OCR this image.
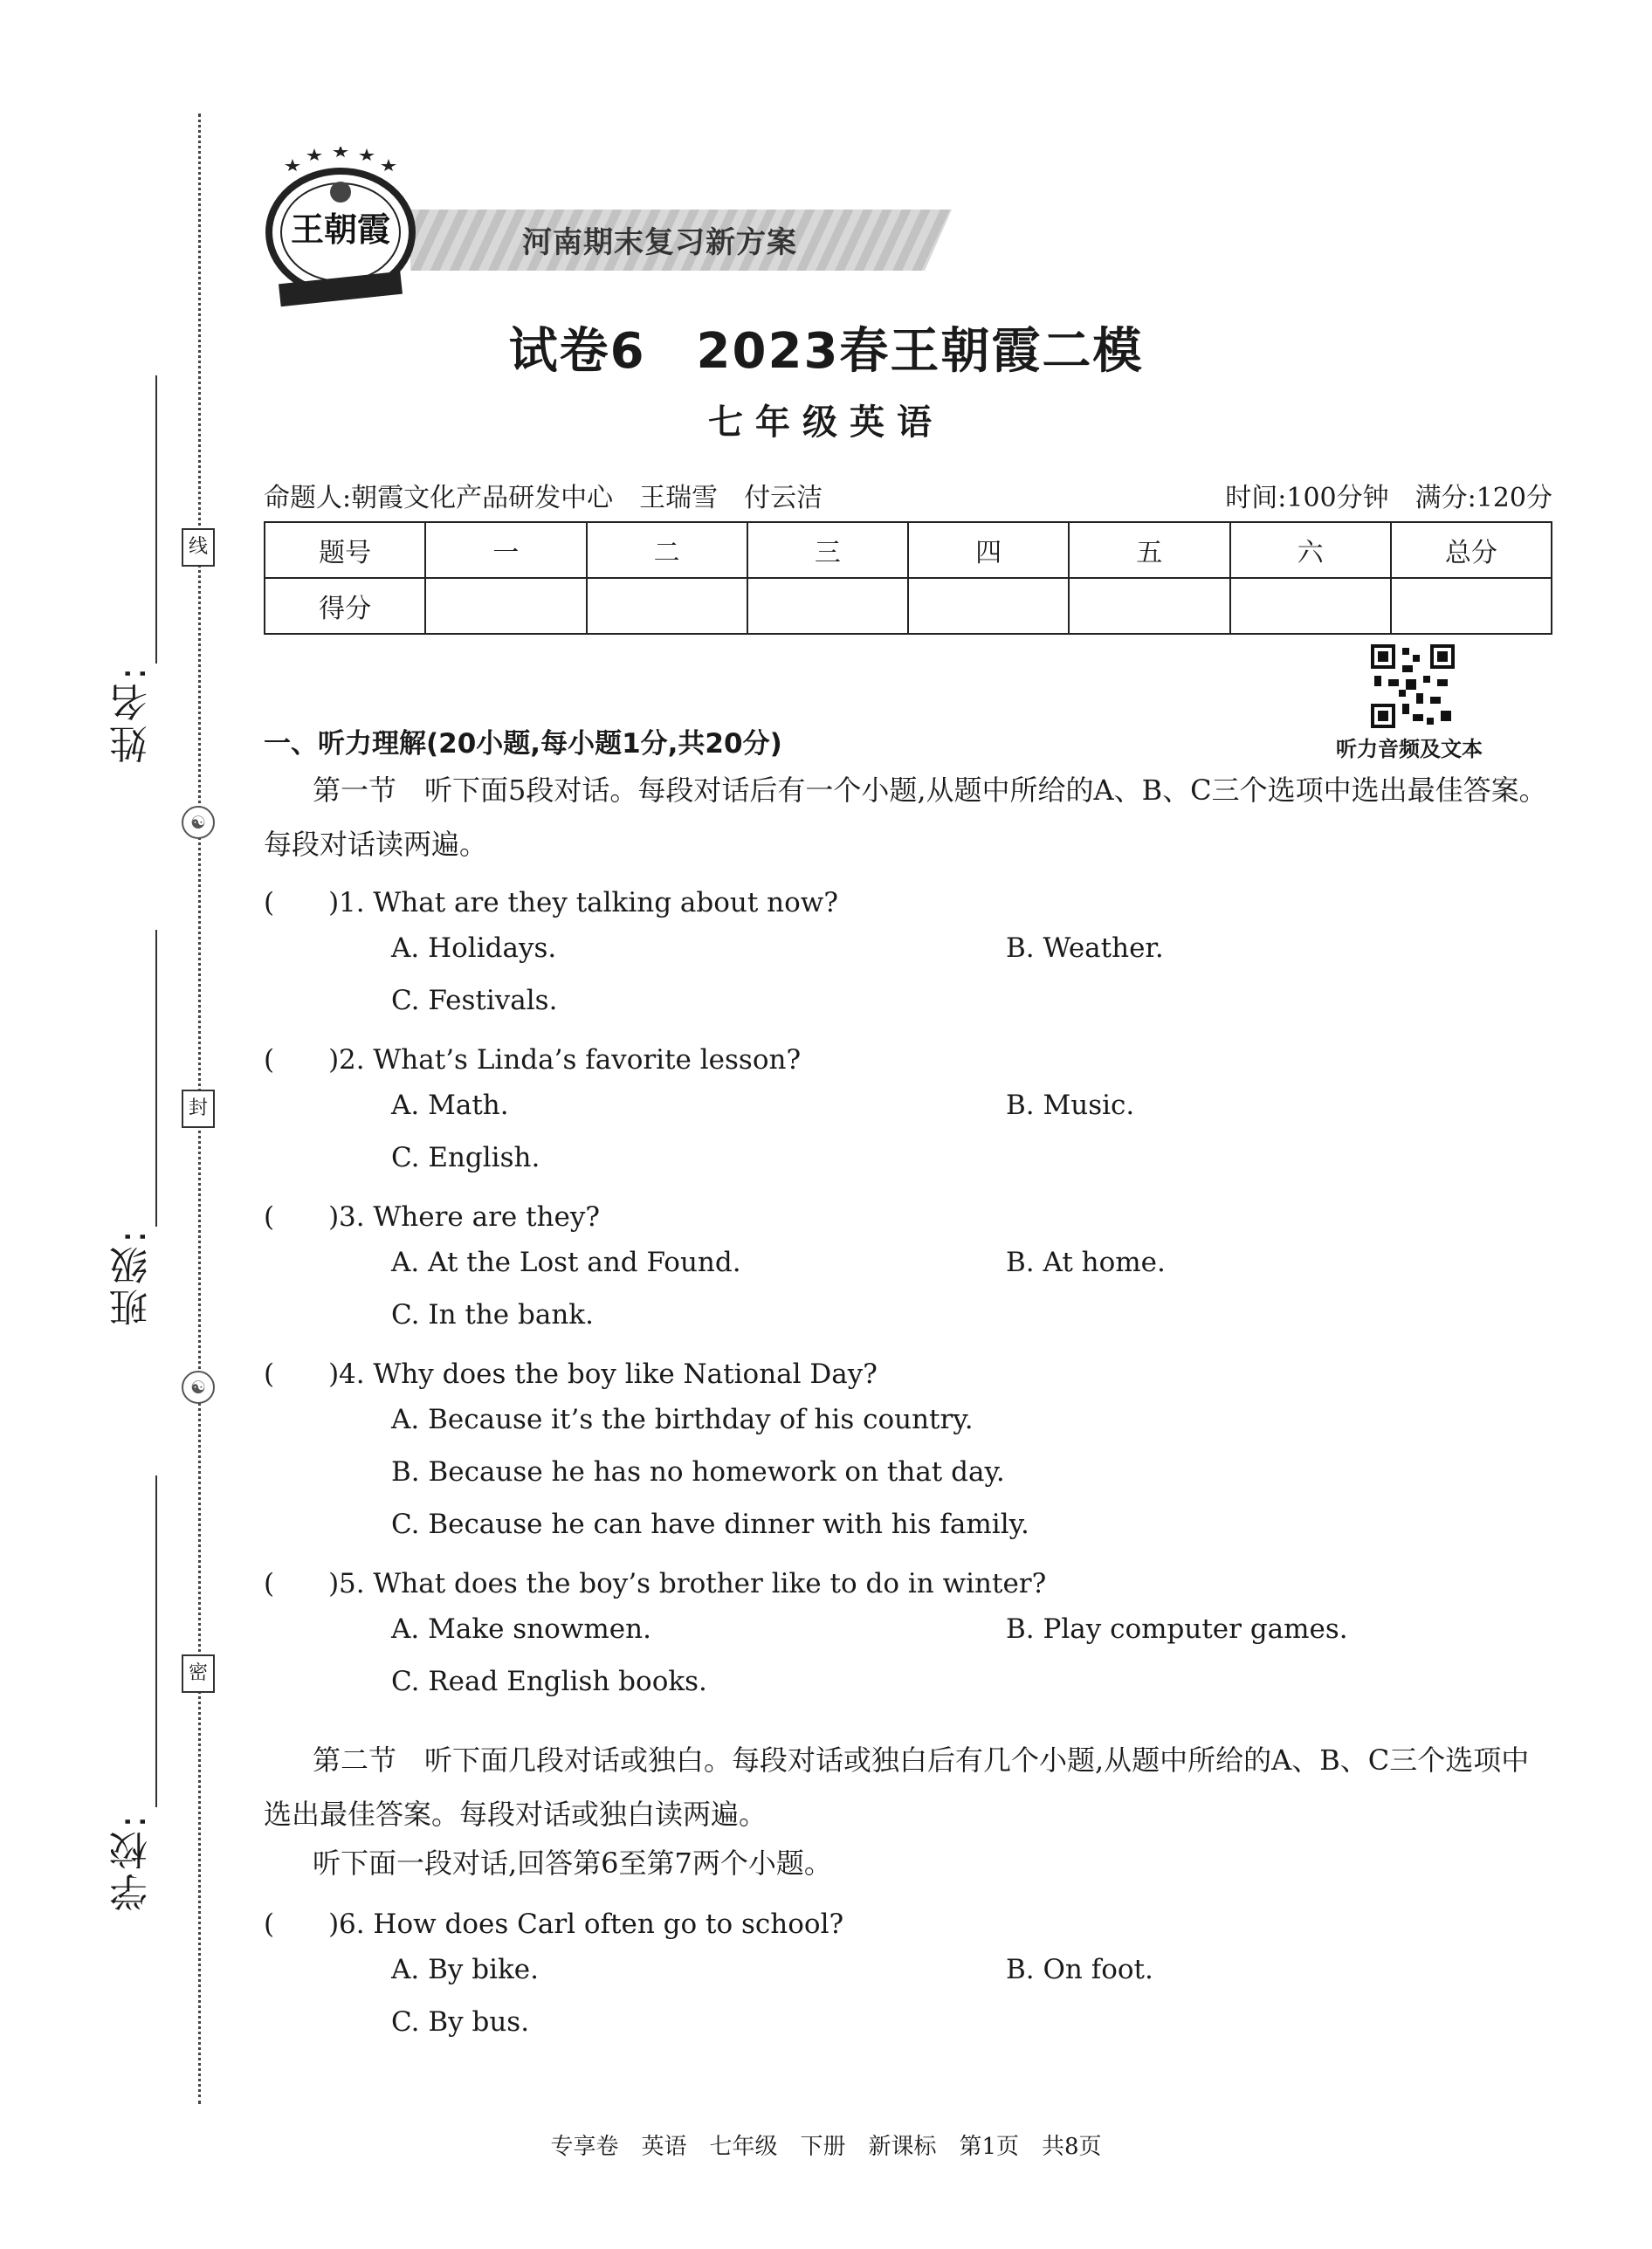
线
☯
封
☯
密
姓名:
班级:
学校:
河南期末复习新方案
王朝霞
试卷6　2023春王朝霞二模
七年级英语
命题人:朝霞文化产品研发中心　王瑞雪　付云洁	时间:100分钟　满分:120分
题号	一	二	三	四	五	六	总分
得分							
听力音频及文本
一、听力理解(20小题,每小题1分,共20分)
第一节　听下面5段对话。每段对话后有一个小题,从题中所给的A、B、C三个选项中选出最佳答案。每段对话读两遍。
(　　)1. What are they talking about now?
A. Holidays.	B. Weather.
C. Festivals.
(　　)2. What’s Linda’s favorite lesson?
A. Math.	B. Music.
C. English.
(　　)3. Where are they?
A. At the Lost and Found.	B. At home.
C. In the bank.
(　　)4. Why does the boy like National Day?
A. Because it’s the birthday of his country.
B. Because he has no homework on that day.
C. Because he can have dinner with his family.
(　　)5. What does the boy’s brother like to do in winter?
A. Make snowmen.	B. Play computer games.
C. Read English books.
第二节　听下面几段对话或独白。每段对话或独白后有几个小题,从题中所给的A、B、C三个选项中选出最佳答案。每段对话或独白读两遍。
听下面一段对话,回答第6至第7两个小题。
(　　)6. How does Carl often go to school?
A. By bike.	B. On foot.
C. By bus.
专享卷　英语　七年级　下册　新课标　第1页　共8页
